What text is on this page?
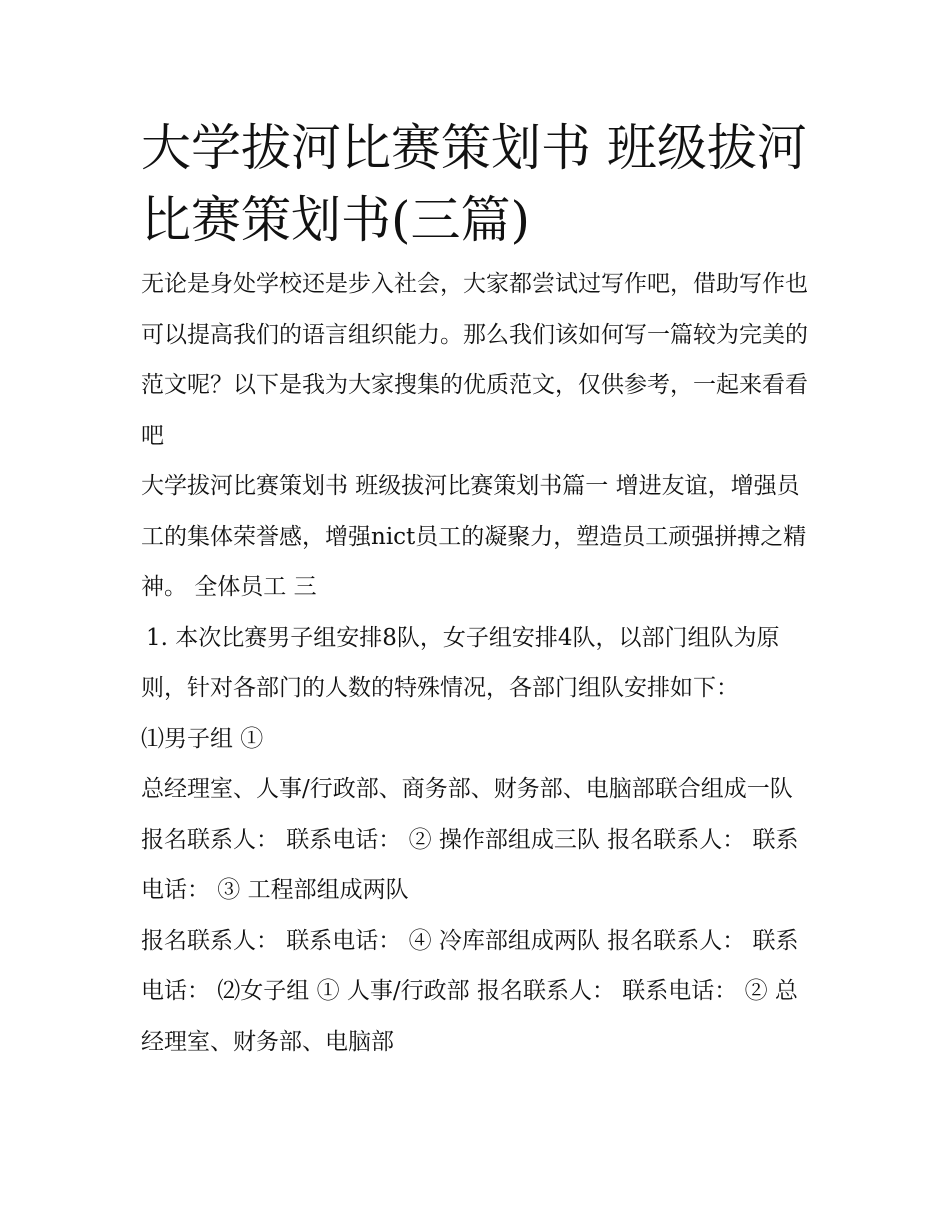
大学拔河比赛策划书 班级拔河比赛策划书(三篇)

无论是身处学校还是步入社会，大家都尝试过写作吧，借助写作也可以提高我们的语言组织能力。那么我们该如何写一篇较为完美的范文呢？以下是我为大家搜集的优质范文，仅供参考，一起来看看吧

大学拔河比赛策划书 班级拔河比赛策划书篇一 增进友谊，增强员工的集体荣誉感，增强nict员工的凝聚力，塑造员工顽强拼搏之精神。 全体员工 三

1. 本次比赛男子组安排8队，女子组安排4队，以部门组队为原则，针对各部门的人数的特殊情况，各部门组队安排如下：

⑴男子组 ①

总经理室、人事/行政部、商务部、财务部、电脑部联合组成一队 报名联系人： 联系电话： ② 操作部组成三队 报名联系人： 联系电话： ③ 工程部组成两队

报名联系人： 联系电话： ④ 冷库部组成两队 报名联系人： 联系电话： ⑵女子组 ① 人事/行政部 报名联系人： 联系电话： ② 总经理室、财务部、电脑部
